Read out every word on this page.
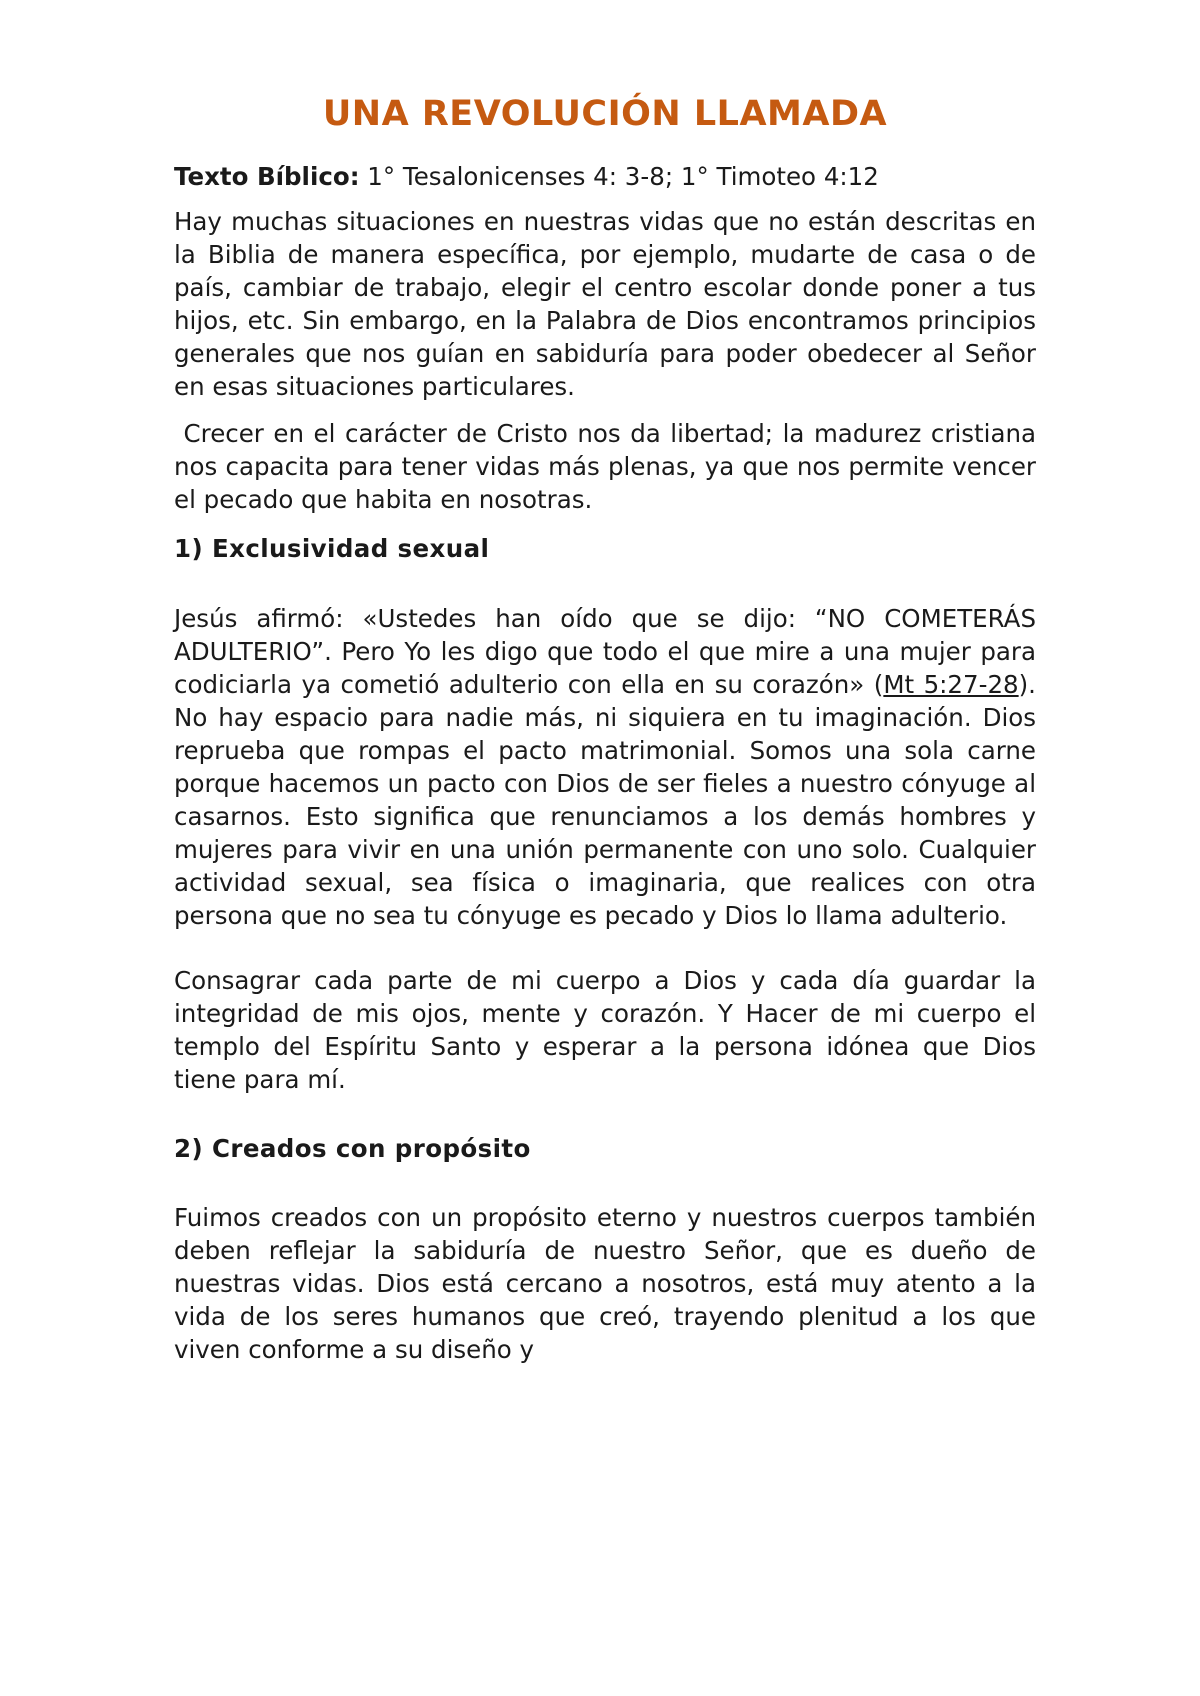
UNA REVOLUCIÓN LLAMADA

Texto Bíblico: 1° Tesalonicenses 4: 3-8; 1° Timoteo 4:12

Hay muchas situaciones en nuestras vidas que no están descritas en la Biblia de manera específica, por ejemplo, mudarte de casa o de país, cambiar de trabajo, elegir el centro escolar donde poner a tus hijos, etc. Sin embargo, en la Palabra de Dios encontramos principios generales que nos guían en sabiduría para poder obedecer al Señor en esas situaciones particulares.

Crecer en el carácter de Cristo nos da libertad; la madurez cristiana nos capacita para tener vidas más plenas, ya que nos permite vencer el pecado que habita en nosotras.

1) Exclusividad sexual

Jesús afirmó: «Ustedes han oído que se dijo: “NO COMETERÁS ADULTERIO”. Pero Yo les digo que todo el que mire a una mujer para codiciarla ya cometió adulterio con ella en su corazón» (Mt 5:27-28). No hay espacio para nadie más, ni siquiera en tu imaginación. Dios reprueba que rompas el pacto matrimonial. Somos una sola carne porque hacemos un pacto con Dios de ser fieles a nuestro cónyuge al casarnos. Esto significa que renunciamos a los demás hombres y mujeres para vivir en una unión permanente con uno solo. Cualquier actividad sexual, sea física o imaginaria, que realices con otra persona que no sea tu cónyuge es pecado y Dios lo llama adulterio.

Consagrar cada parte de mi cuerpo a Dios y cada día guardar la integridad de mis ojos, mente y corazón. Y Hacer de mi cuerpo el templo del Espíritu Santo y esperar a la persona idónea que Dios tiene para mí.

2) Creados con propósito

Fuimos creados con un propósito eterno y nuestros cuerpos también deben reflejar la sabiduría de nuestro Señor, que es dueño de nuestras vidas. Dios está cercano a nosotros, está muy atento a la vida de los seres humanos que creó, trayendo plenitud a los que viven conforme a su diseño y
